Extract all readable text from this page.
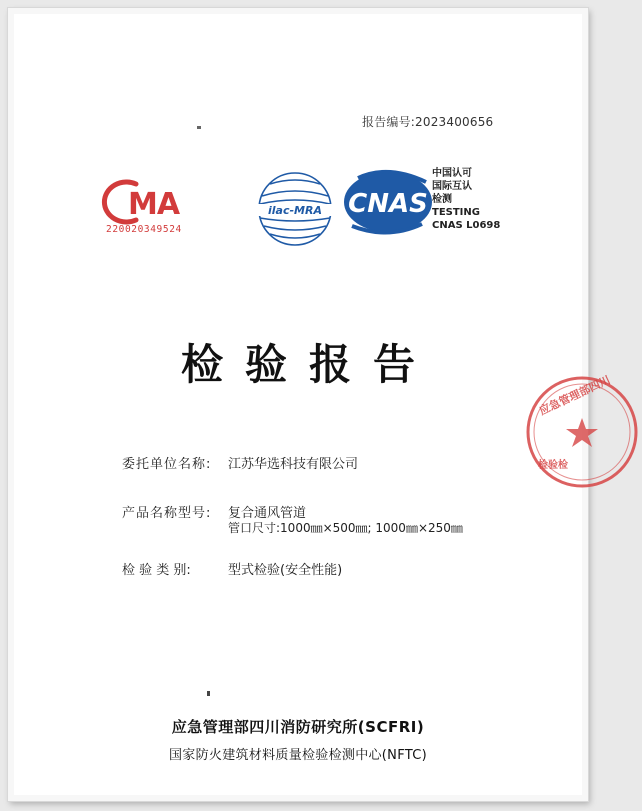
报告编号:2023400656
MA
220020349524
ilac-MRA CNAS
中国认可
国际互认
检测
TESTING
CNAS L0698
检验报告
委托单位名称: 江苏华选科技有限公司
产品名称型号: 复合通风管道
管口尺寸:1000㎜×500㎜; 1000㎜×250㎜
检 验 类 别:	型式检验(安全性能)
应急管理部四川
检验检
应急管理部四川消防研究所(SCFRI)
国家防火建筑材料质量检验检测中心(NFTC)
